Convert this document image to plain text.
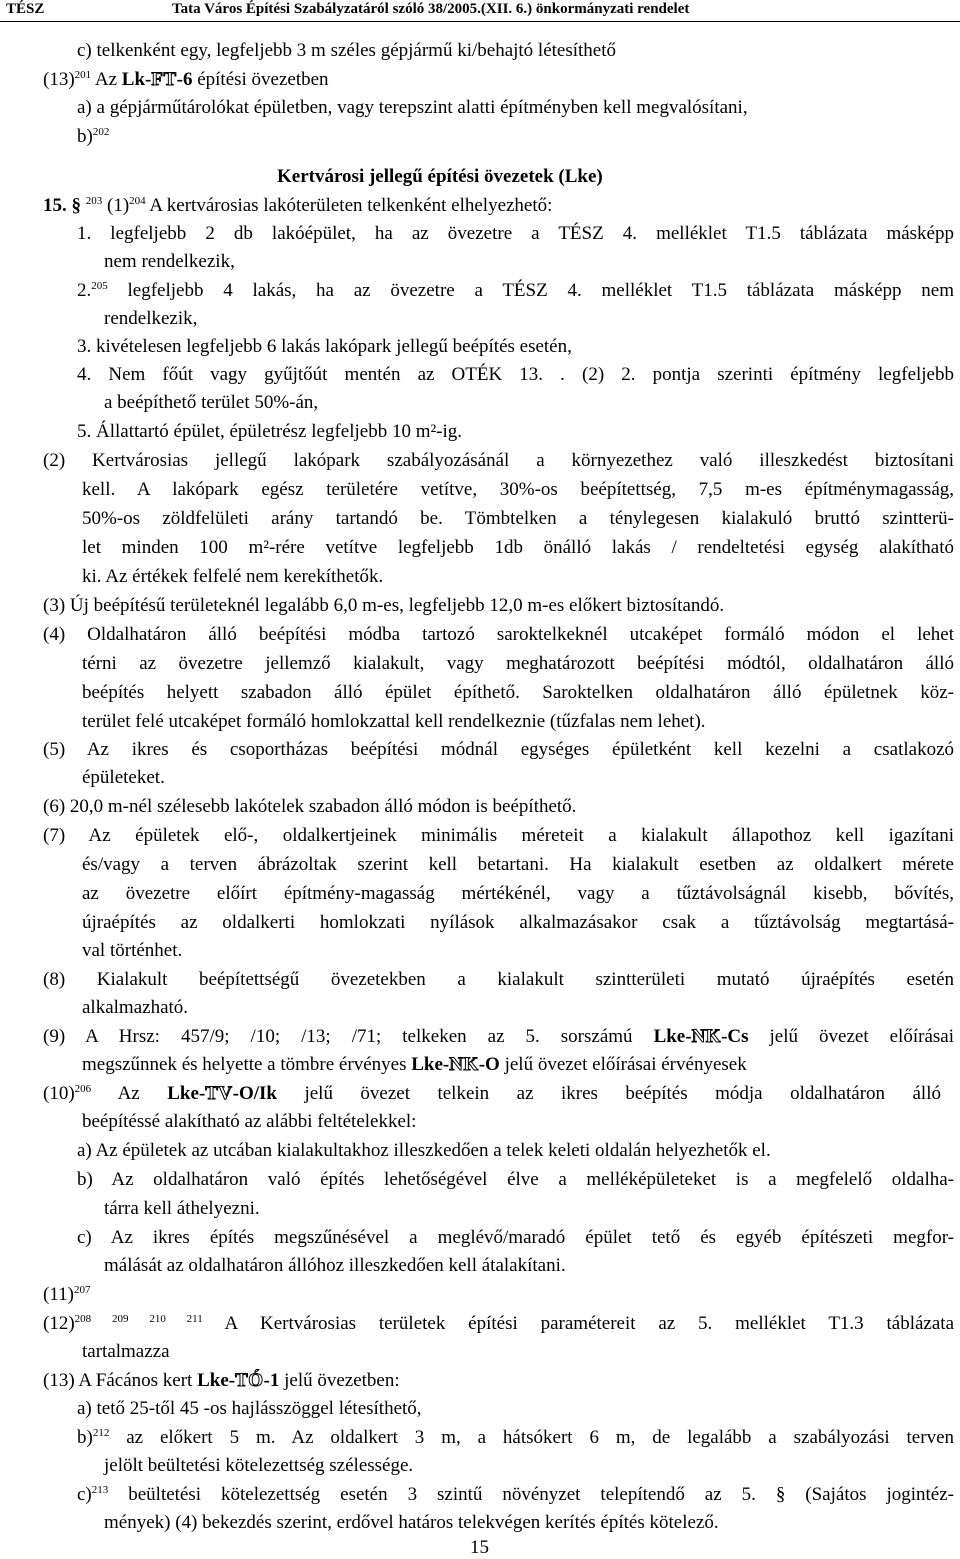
TÉSZ	Tata Város Építési Szabályzatáról szóló 38/2005.(XII. 6.) önkormányzati rendelet
c) telkenként egy, legfeljebb 3 m széles gépjármű ki/behajtó létesíthető
$(13)^{201}$ Az Lk-FT-6 építési övezetben
a) a gépjárműtárolókat épületben, vagy terepszint alatti építményben kell megvalósítani,
b)$^{202}$
Kertvárosi jellegű építési övezetek (Lke)
15. § $^{203}$ $(1)^{204}$ A kertvárosias lakóterületen telkenként elhelyezhető:
1. legfeljebb 2 db lakóépület, ha az övezetre a TÉSZ 4. melléklet T1.5 táblázata másképp
nem rendelkezik,
2.$^{205}$ legfeljebb 4 lakás, ha az övezetre a TÉSZ 4. melléklet T1.5 táblázata másképp nem
rendelkezik,
3. kivételesen legfeljebb 6 lakás lakópark jellegű beépítés esetén,
4. Nem főút vagy gyűjtőút mentén az OTÉK 13. . (2) 2. pontja szerinti építmény legfeljebb
a beépíthető terület 50%-án,
5. Állattartó épület, épületrész legfeljebb 10 m²-ig.
(2) Kertvárosias jellegű lakópark szabályozásánál a környezethez való illeszkedést biztosítani
kell. A lakópark egész területére vetítve, 30%-os beépítettség, 7,5 m-es építménymagasság,
50%-os zöldfelületi arány tartandó be. Tömbtelken a ténylegesen kialakuló bruttó szintterü-
let minden 100 m²-rére vetítve legfeljebb 1db önálló lakás / rendeltetési egység alakítható
ki. Az értékek felfelé nem kerekíthetők.
(3) Új beépítésű területeknél legalább 6,0 m-es, legfeljebb 12,0 m-es előkert biztosítandó.
(4) Oldalhatáron álló beépítési módba tartozó saroktelkeknél utcaképet formáló módon el lehet
térni az övezetre jellemző kialakult, vagy meghatározott beépítési módtól, oldalhatáron álló
beépítés helyett szabadon álló épület építhető. Saroktelken oldalhatáron álló épületnek köz-
terület felé utcaképet formáló homlokzattal kell rendelkeznie (tűzfalas nem lehet).
(5) Az ikres és csoportházas beépítési módnál egységes épületként kell kezelni a csatlakozó
épületeket.
(6) 20,0 m-nél szélesebb lakótelek szabadon álló módon is beépíthető.
(7) Az épületek elő-, oldalkertjeinek minimális méreteit a kialakult állapothoz kell igazítani
és/vagy a terven ábrázoltak szerint kell betartani. Ha kialakult esetben az oldalkert mérete
az övezetre előírt építmény-magasság mértékénél, vagy a tűztávolságnál kisebb, bővítés,
újraépítés az oldalkerti homlokzati nyílások alkalmazásakor csak a tűztávolság megtartásá-
val történhet.
(8) Kialakult beépítettségű övezetekben a kialakult szintterületi mutató újraépítés esetén
alkalmazható.
(9) A Hrsz: 457/9; /10; /13; /71; telkeken az 5. sorszámú Lke-NK-Cs jelű övezet előírásai
megszűnnek és helyette a tömbre érvényes Lke-NK-O jelű övezet előírásai érvényesek
$(10)^{206}$ Az Lke-TV-O/Ik jelű övezet telkein az ikres beépítés módja oldalhatáron álló
beépítéssé alakítható az alábbi feltételekkel:
a) Az épületek az utcában kialakultakhoz illeszkedően a telek keleti oldalán helyezhetők el.
b) Az oldalhatáron való építés lehetőségével élve a melléképületeket is a megfelelő oldalha-
tárra kell áthelyezni.
c) Az ikres építés megszűnésével a meglévő/maradó épület tető és egyéb építészeti megfor-
málását az oldalhatáron állóhoz illeszkedően kell átalakítani.
$(11)^{207}$
$(12)^{208 209 210 211}$ A Kertvárosias területek építési paramétereit az 5. melléklet T1.3 táblázata
tartalmazza
(13) A Fácános kert Lke-TÓ-1 jelű övezetben:
a) tető 25-től 45 -os hajlásszöggel létesíthető,
b)$^{212}$ az előkert 5 m. Az oldalkert 3 m, a hátsókert 6 m, de legalább a szabályozási terven
jelölt beültetési kötelezettség szélessége.
c)$^{213}$ beültetési kötelezettség esetén 3 szintű növényzet telepítendő az 5. § (Sajátos jogintéz-
mények) (4) bekezdés szerint, erdővel határos telekvégen kerítés építés kötelező.
15
